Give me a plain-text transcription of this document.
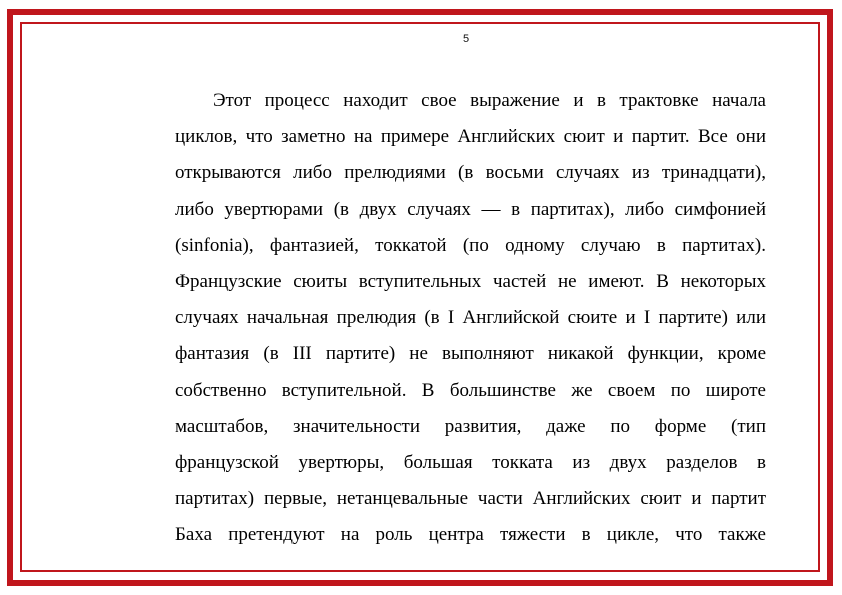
5
Этот процесс находит свое выражение и в трактовке начала
циклов, что заметно на примере Английских сюит и партит. Все они
открываются либо прелюдиями (в восьми случаях из тринадцати),
либо увертюрами (в двух случаях — в партитах), либо симфонией
(sinfonia), фантазией, токкатой (по одному случаю в партитах).
Французские сюиты вступительных частей не имеют. В некоторых
случаях начальная прелюдия (в I Английской сюите и I партите) или
фантазия (в III партите) не выполняют никакой функции, кроме
собственно вступительной. В большинстве же своем по широте
масштабов, значительности развития, даже по форме (тип
французской увертюры, большая токката из двух разделов в
партитах) первые, нетанцевальные части Английских сюит и партит
Баха претендуют на роль центра тяжести в цикле, что также
